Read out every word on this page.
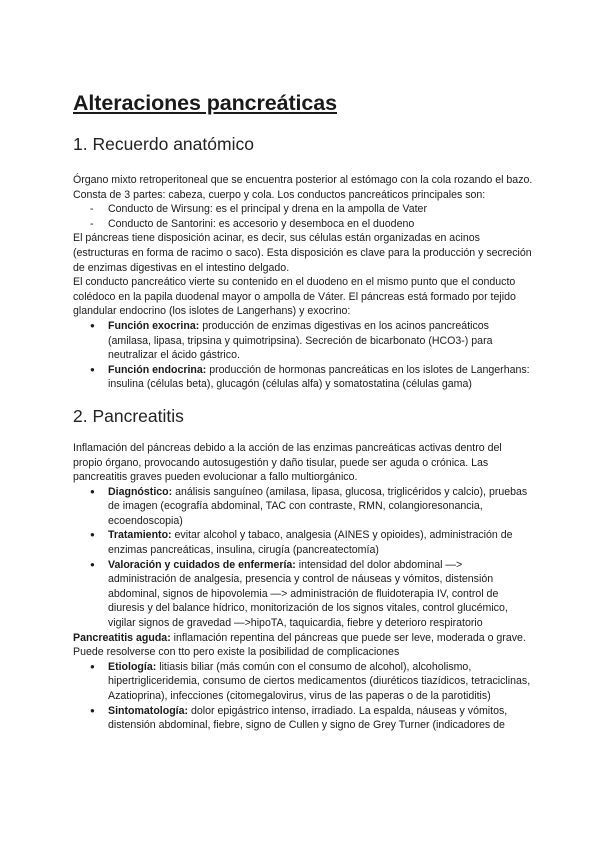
Alteraciones pancreáticas
1. Recuerdo anatómico

Órgano mixto retroperitoneal que se encuentra posterior al estómago con la cola rozando el bazo. Consta de 3 partes: cabeza, cuerpo y cola. Los conductos pancreáticos principales son:

- Conducto de Wirsung: es el principal y drena en la ampolla de Vater
- Conducto de Santorini: es accesorio y desemboca en el duodeno

El páncreas tiene disposición acinar, es decir, sus células están organizadas en acinos (estructuras en forma de racimo o saco). Esta disposición es clave para la producción y secreción de enzimas digestivas en el intestino delgado.

El conducto pancreático vierte su contenido en el duodeno en el mismo punto que el conducto colédoco en la papila duodenal mayor o ampolla de Váter. El páncreas está formado por tejido glandular endocrino (los islotes de Langerhans) y exocrino:

● Función exocrina: producción de enzimas digestivas en los acinos pancreáticos (amilasa, lipasa, tripsina y quimotripsina). Secreción de bicarbonato (HCO3-) para neutralizar el ácido gástrico.
● Función endocrina: producción de hormonas pancreáticas en los islotes de Langerhans: insulina (células beta), glucagón (células alfa) y somatostatina (células gama)
2. Pancreatitis

Inflamación del páncreas debido a la acción de las enzimas pancreáticas activas dentro del propio órgano, provocando autosugestión y daño tisular, puede ser aguda o crónica. Las pancreatitis graves pueden evolucionar a fallo multiorgánico.

● Diagnóstico: análisis sanguíneo (amilasa, lipasa, glucosa, triglicéridos y calcio), pruebas de imagen (ecografía abdominal, TAC con contraste, RMN, colangioresonancia, ecoendoscopia)
● Tratamiento: evitar alcohol y tabaco, analgesia (AINES y opioides), administración de enzimas pancreáticas, insulina, cirugía (pancreatectomía)
● Valoración y cuidados de enfermería: intensidad del dolor abdominal —> administración de analgesia, presencia y control de náuseas y vómitos, distensión abdominal, signos de hipovolemia —> administración de fluidoterapia IV, control de diuresis y del balance hídrico, monitorización de los signos vitales, control glucémico, vigilar signos de gravedad —>hipoTA, taquicardia, fiebre y deterioro respiratorio

Pancreatitis aguda: inflamación repentina del páncreas que puede ser leve, moderada o grave. Puede resolverse con tto pero existe la posibilidad de complicaciones

● Etiología: litiasis biliar (más común con el consumo de alcohol), alcoholismo, hipertrigliceridemia, consumo de ciertos medicamentos (diuréticos tiazídicos, tetraciclinas, Azatioprina), infecciones (citomegalovirus, virus de las paperas o de la parotiditis)
● Sintomatología: dolor epigástrico intenso, irradiado. La espalda, náuseas y vómitos, distensión abdominal, fiebre, signo de Cullen y signo de Grey Turner (indicadores de
